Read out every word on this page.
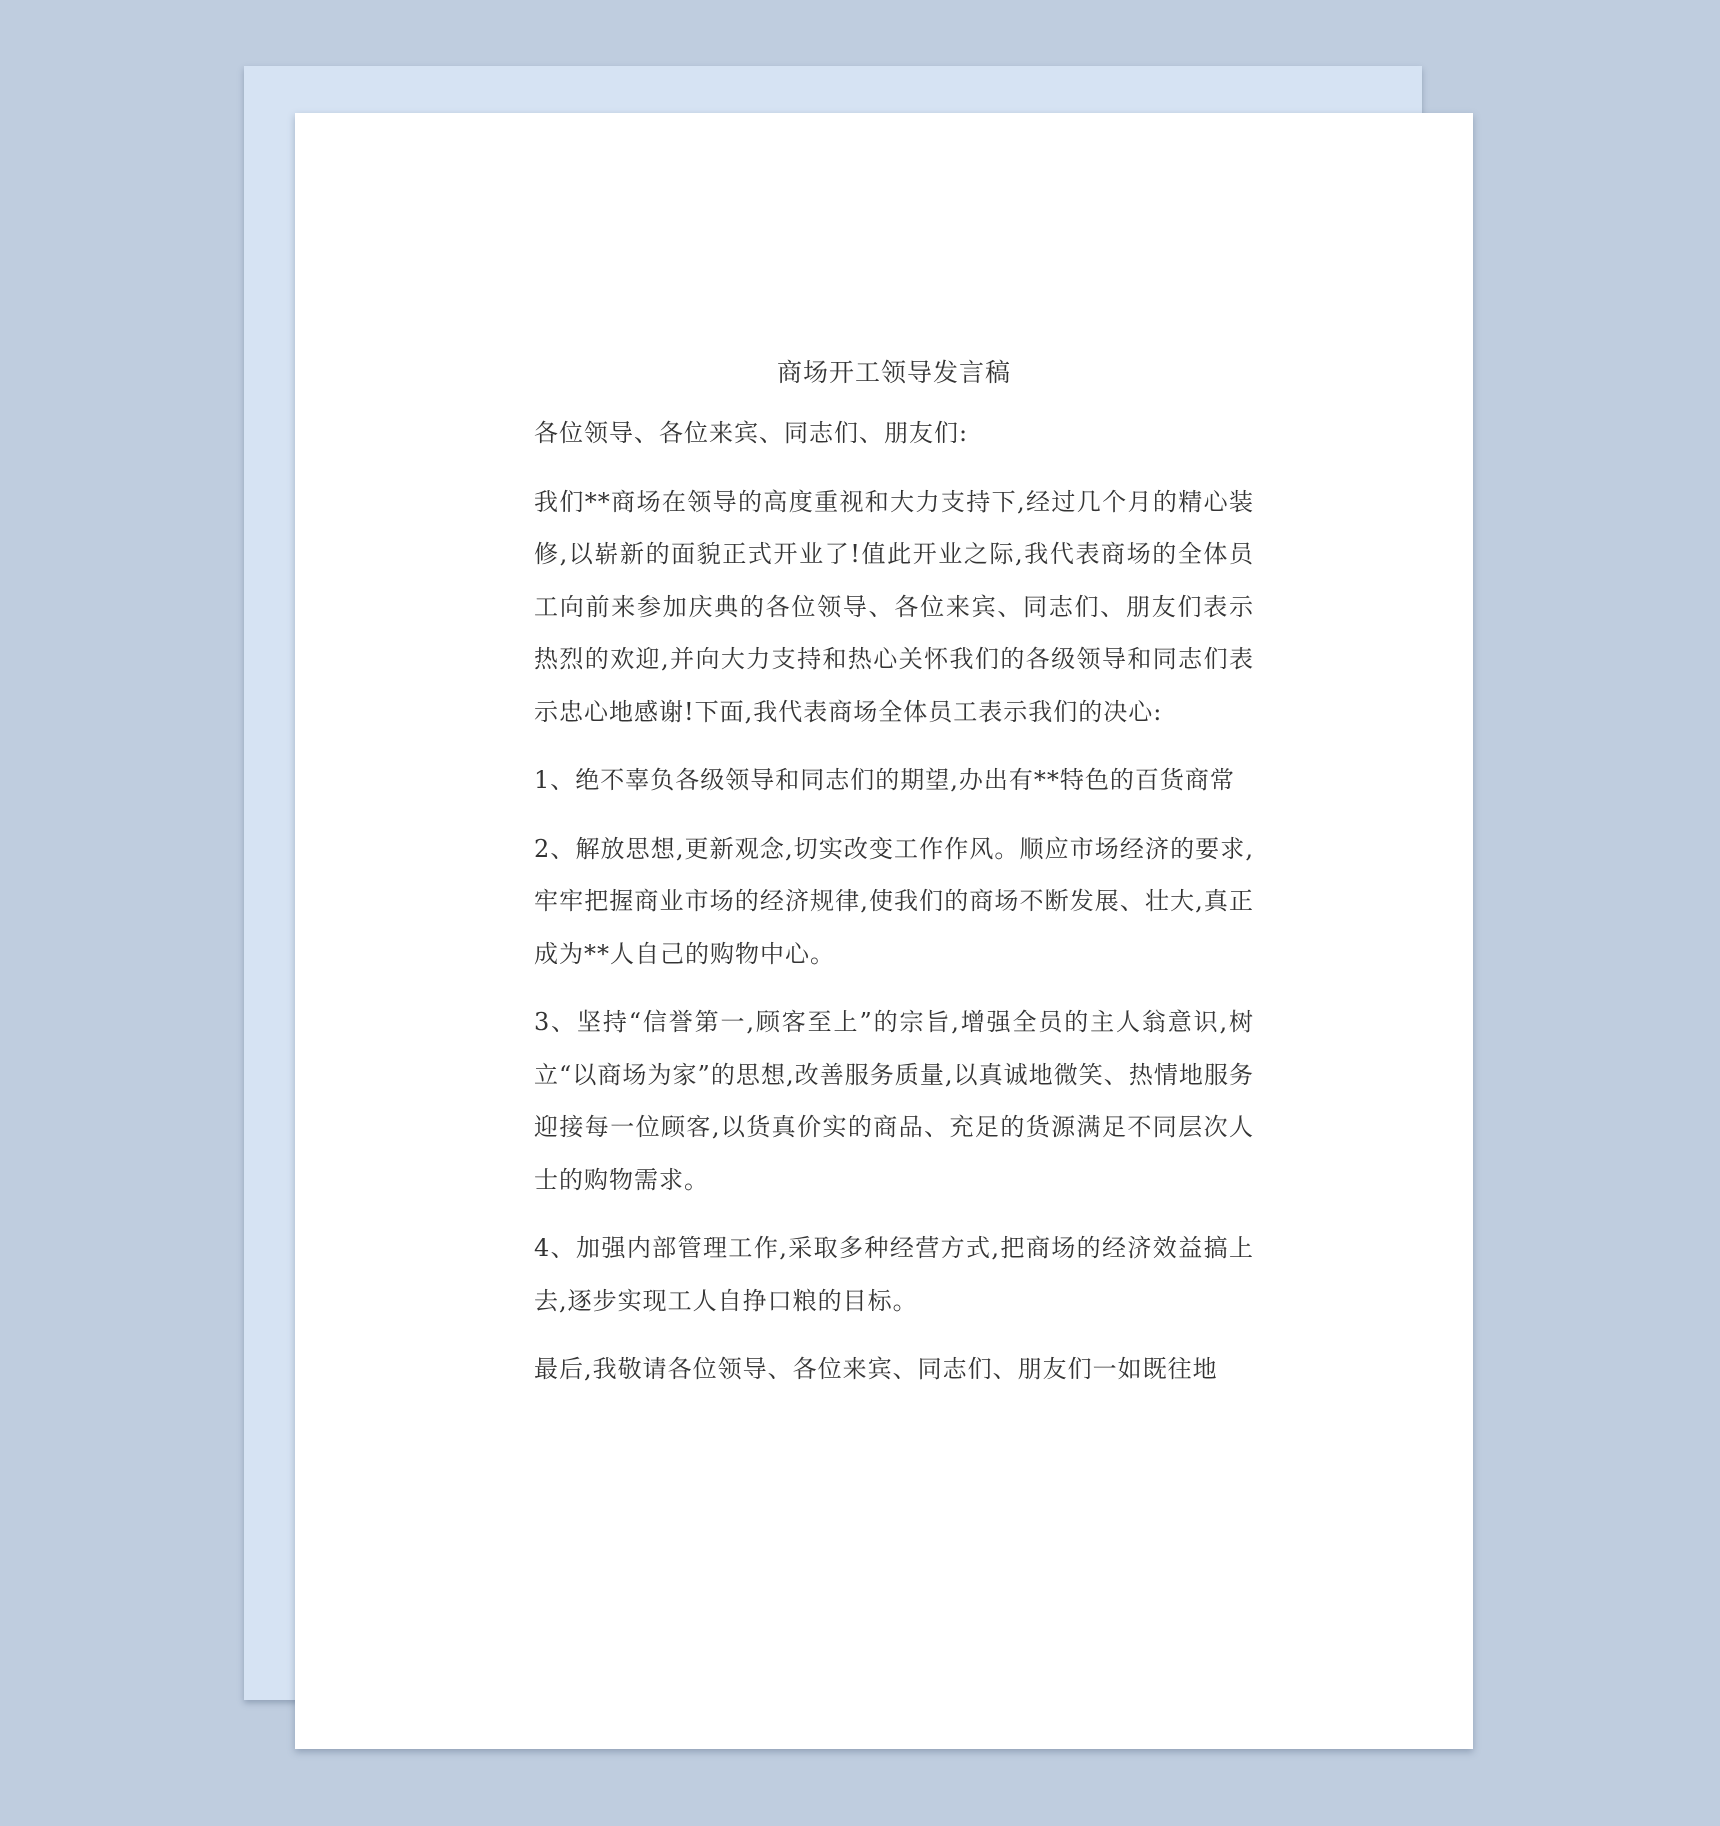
商场开工领导发言稿

各位领导、各位来宾、同志们、朋友们:

我们**商场在领导的高度重视和大力支持下,经过几个月的精心装修,以崭新的面貌正式开业了!值此开业之际,我代表商场的全体员工向前来参加庆典的各位领导、各位来宾、同志们、朋友们表示热烈的欢迎,并向大力支持和热心关怀我们的各级领导和同志们表示忠心地感谢!下面,我代表商场全体员工表示我们的决心:

1、绝不辜负各级领导和同志们的期望,办出有**特色的百货商常

2、解放思想,更新观念,切实改变工作作风。顺应市场经济的要求,牢牢把握商业市场的经济规律,使我们的商场不断发展、壮大,真正成为**人自己的购物中心。

3、坚持“信誉第一,顾客至上”的宗旨,增强全员的主人翁意识,树立“以商场为家”的思想,改善服务质量,以真诚地微笑、热情地服务迎接每一位顾客,以货真价实的商品、充足的货源满足不同层次人士的购物需求。

4、加强内部管理工作,采取多种经营方式,把商场的经济效益搞上去,逐步实现工人自挣口粮的目标。

最后,我敬请各位领导、各位来宾、同志们、朋友们一如既往地
